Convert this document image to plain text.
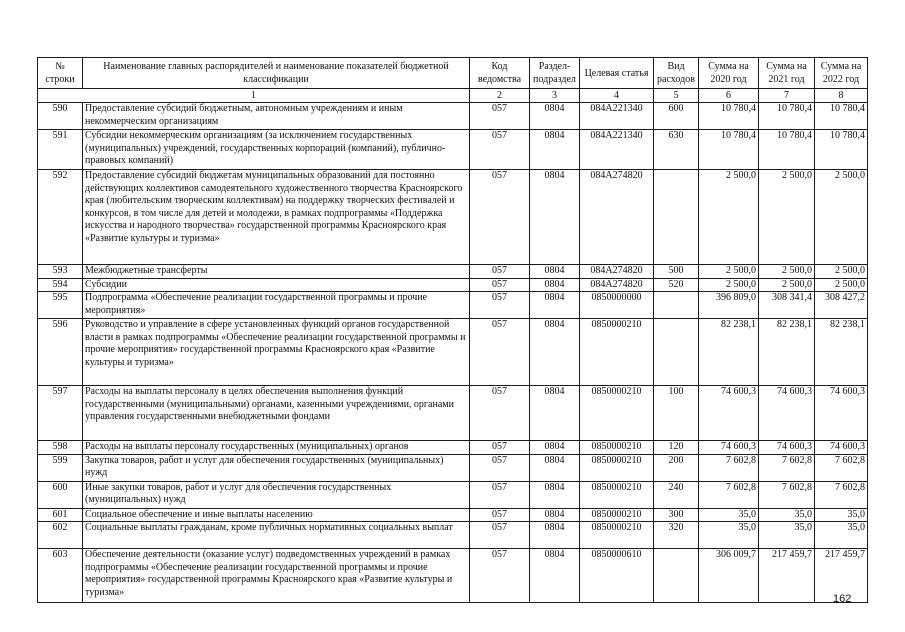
№ строки	Наименование главных распорядителей и наименование показателей бюджетной классификации	Код ведомства	Раздел-подраздел	Целевая статья	Вид расходов	Сумма на 2020 год	Сумма на 2021 год	Сумма на 2022 год
1		2	3	4	5	6	7	8
590	Предоставление субсидий бюджетным, автономным учреждениям и иным некоммерческим организациям	057	0804	084А221340	600	10 780,4	10 780,4	10 780,4
591	Субсидии некоммерческим организациям (за исключением государственных (муниципальных) учреждений, государственных корпораций (компаний), публично-правовых компаний)	057	0804	084А221340	630	10 780,4	10 780,4	10 780,4
592	Предоставление субсидий бюджетам муниципальных образований для постоянно действующих коллективов самодеятельного художественного творчества Красноярского края (любительским творческим коллективам) на поддержку творческих фестивалей и конкурсов, в том числе для детей и молодежи, в рамках подпрограммы «Поддержка искусства и народного творчества» государственной программы Красноярского края «Развитие культуры и туризма»	057	0804	084А274820		2 500,0	2 500,0	2 500,0
593	Межбюджетные трансферты	057	0804	084А274820	500	2 500,0	2 500,0	2 500,0
594	Субсидии	057	0804	084А274820	520	2 500,0	2 500,0	2 500,0
595	Подпрограмма «Обеспечение реализации государственной программы и прочие мероприятия»	057	0804	0850000000		396 809,0	308 341,4	308 427,2
596	Руководство и управление в сфере установленных функций органов государственной власти в рамках подпрограммы «Обеспечение реализации государственной программы и прочие мероприятия» государственной программы Красноярского края «Развитие культуры и туризма»	057	0804	0850000210		82 238,1	82 238,1	82 238,1
597	Расходы на выплаты персоналу в целях обеспечения выполнения функций государственными (муниципальными) органами, казенными учреждениями, органами управления государственными внебюджетными фондами	057	0804	0850000210	100	74 600,3	74 600,3	74 600,3
598	Расходы на выплаты персоналу государственных (муниципальных) органов	057	0804	0850000210	120	74 600,3	74 600,3	74 600,3
599	Закупка товаров, работ и услуг для обеспечения государственных (муниципальных) нужд	057	0804	0850000210	200	7 602,8	7 602,8	7 602,8
600	Иные закупки товаров, работ и услуг для обеспечения государственных (муниципальных) нужд	057	0804	0850000210	240	7 602,8	7 602,8	7 602,8
601	Социальное обеспечение и иные выплаты населению	057	0804	0850000210	300	35,0	35,0	35,0
602	Социальные выплаты гражданам, кроме публичных нормативных социальных выплат	057	0804	0850000210	320	35,0	35,0	35,0
603	Обеспечение деятельности (оказание услуг) подведомственных учреждений в рамках подпрограммы «Обеспечение реализации государственной программы и прочие мероприятия» государственной программы Красноярского края «Развитие культуры и туризма»	057	0804	0850000610		306 009,7	217 459,7	217 459,7
162
